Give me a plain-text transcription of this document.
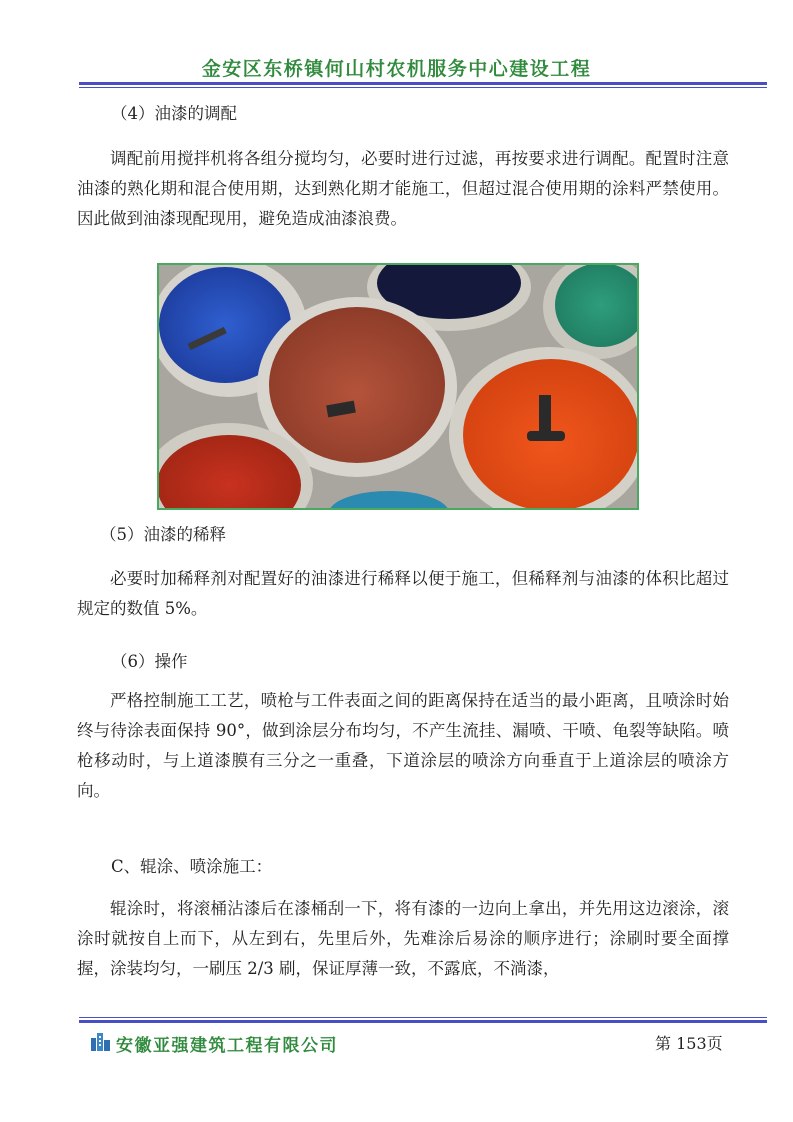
金安区东桥镇何山村农机服务中心建设工程
（4）油漆的调配
调配前用搅拌机将各组分搅均匀，必要时进行过滤，再按要求进行调配。配置时注意油漆的熟化期和混合使用期，达到熟化期才能施工，但超过混合使用期的涂料严禁使用。因此做到油漆现配现用，避免造成油漆浪费。
（5）油漆的稀释
必要时加稀释剂对配置好的油漆进行稀释以便于施工，但稀释剂与油漆的体积比超过规定的数值 5%。
（6）操作
严格控制施工工艺，喷枪与工件表面之间的距离保持在适当的最小距离，且喷涂时始终与待涂表面保持 90°，做到涂层分布均匀，不产生流挂、漏喷、干喷、龟裂等缺陷。喷枪移动时，与上道漆膜有三分之一重叠，下道涂层的喷涂方向垂直于上道涂层的喷涂方向。
C、辊涂、喷涂施工：
辊涂时，将滚桶沾漆后在漆桶刮一下，将有漆的一边向上拿出，并先用这边滚涂，滚涂时就按自上而下，从左到右，先里后外，先难涂后易涂的顺序进行；涂刷时要全面撑握，涂装均匀，一刷压 2/3 刷，保证厚薄一致，不露底，不淌漆，
安徽亚强建筑工程有限公司	第 153页
